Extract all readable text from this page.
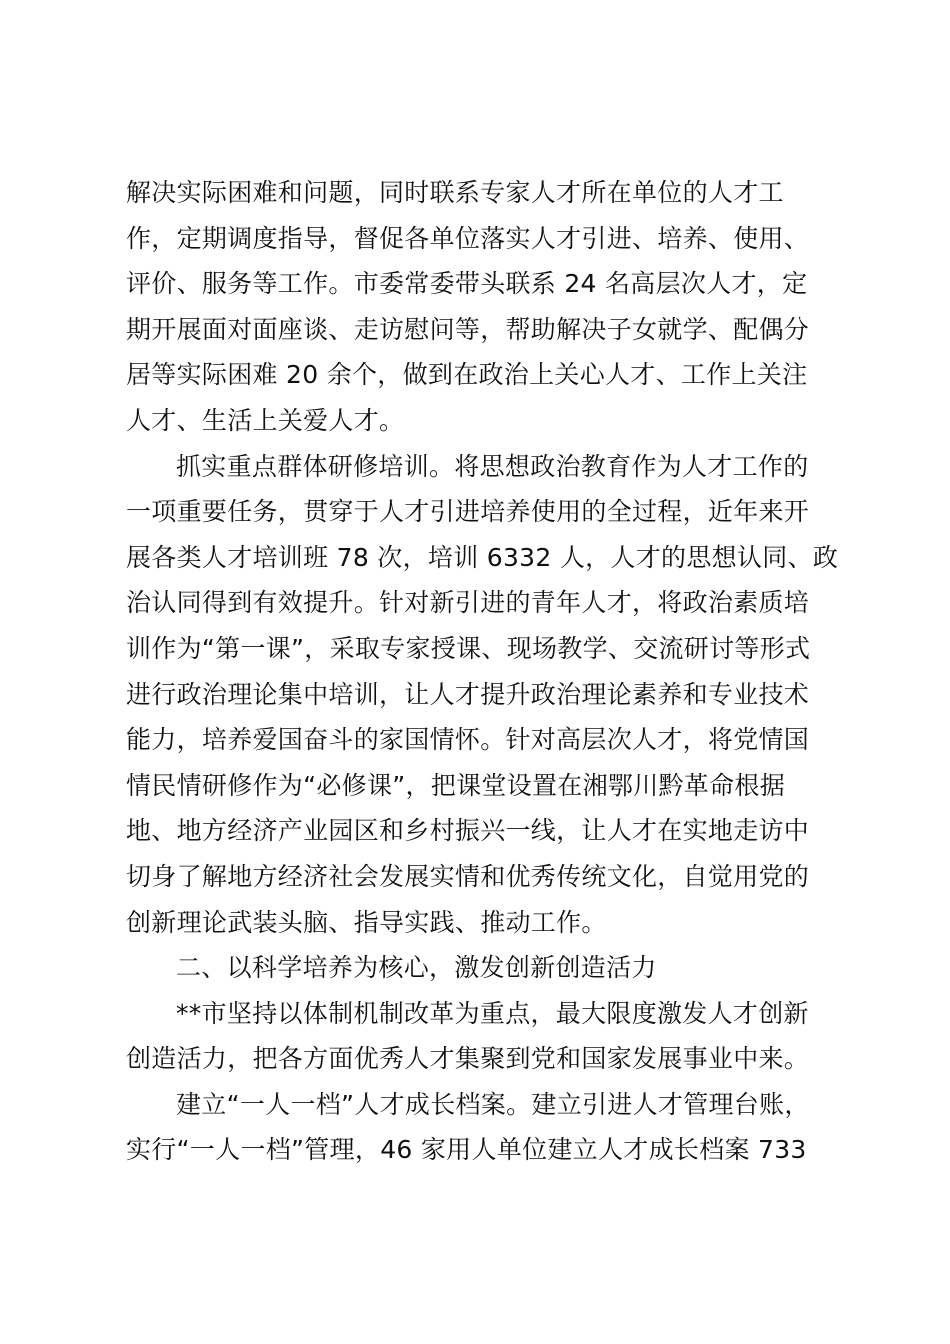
解决实际困难和问题，同时联系专家人才所在单位的人才工
作，定期调度指导，督促各单位落实人才引进、培养、使用、
评价、服务等工作。市委常委带头联系 24 名高层次人才，定
期开展面对面座谈、走访慰问等，帮助解决子女就学、配偶分
居等实际困难 20 余个，做到在政治上关心人才、工作上关注
人才、生活上关爱人才。
抓实重点群体研修培训。将思想政治教育作为人才工作的
一项重要任务，贯穿于人才引进培养使用的全过程，近年来开
展各类人才培训班 78 次，培训 6332 人，人才的思想认同、政
治认同得到有效提升。针对新引进的青年人才，将政治素质培
训作为“第一课”，采取专家授课、现场教学、交流研讨等形式
进行政治理论集中培训，让人才提升政治理论素养和专业技术
能力，培养爱国奋斗的家国情怀。针对高层次人才，将党情国
情民情研修作为“必修课”，把课堂设置在湘鄂川黔革命根据
地、地方经济产业园区和乡村振兴一线，让人才在实地走访中
切身了解地方经济社会发展实情和优秀传统文化，自觉用党的
创新理论武装头脑、指导实践、推动工作。
二、以科学培养为核心，激发创新创造活力
**市坚持以体制机制改革为重点，最大限度激发人才创新
创造活力，把各方面优秀人才集聚到党和国家发展事业中来。
建立“一人一档”人才成长档案。建立引进人才管理台账，
实行“一人一档”管理，46 家用人单位建立人才成长档案 733
